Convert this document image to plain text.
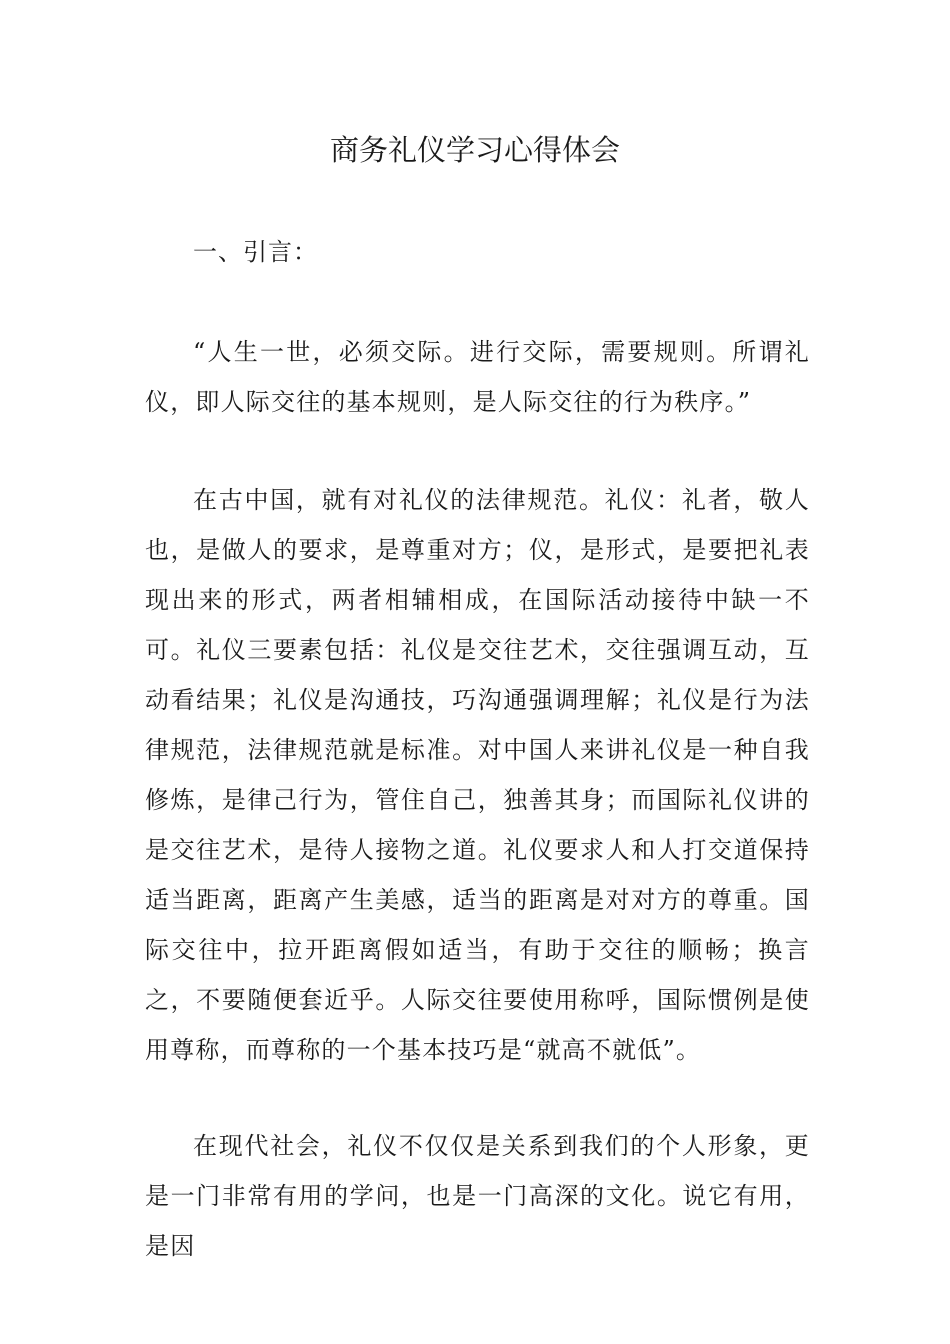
商务礼仪学习心得体会

一、引言：

“人生一世，必须交际。进行交际，需要规则。所谓礼仪，即人际交往的基本规则，是人际交往的行为秩序。”

在古中国，就有对礼仪的法律规范。礼仪：礼者，敬人也，是做人的要求，是尊重对方；仪，是形式，是要把礼表现出来的形式，两者相辅相成，在国际活动接待中缺一不可。礼仪三要素包括：礼仪是交往艺术，交往强调互动，互动看结果；礼仪是沟通技，巧沟通强调理解；礼仪是行为法律规范，法律规范就是标准。对中国人来讲礼仪是一种自我修炼，是律己行为，管住自己，独善其身；而国际礼仪讲的是交往艺术，是待人接物之道。礼仪要求人和人打交道保持适当距离，距离产生美感，适当的距离是对对方的尊重。国际交往中，拉开距离假如适当，有助于交往的顺畅；换言之，不要随便套近乎。人际交往要使用称呼，国际惯例是使用尊称，而尊称的一个基本技巧是“就高不就低”。

在现代社会，礼仪不仅仅是关系到我们的个人形象，更是一门非常有用的学问，也是一门高深的文化。说它有用，是因
